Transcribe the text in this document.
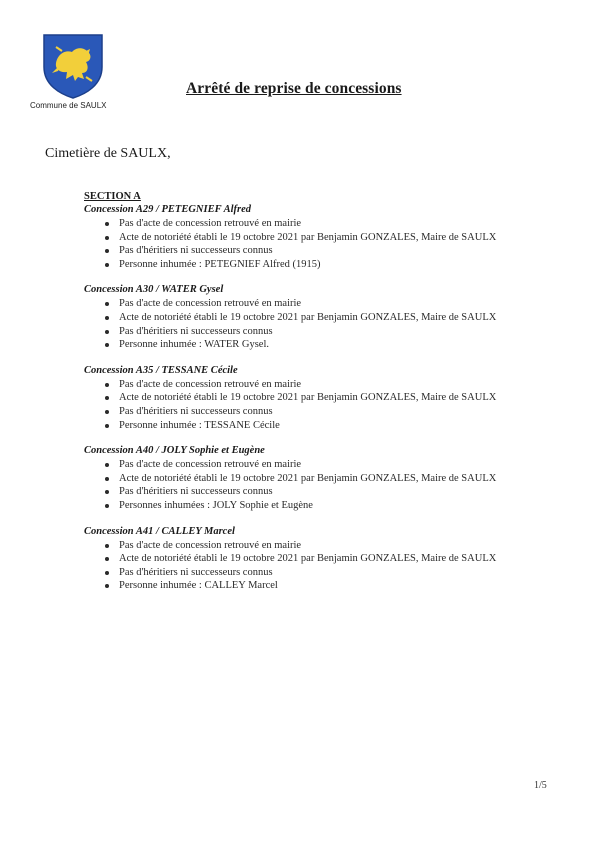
Commune de SAULX
Arrêté de reprise de concessions
Cimetière de SAULX,
SECTION A
Concession A29 / PETEGNIEF Alfred
Pas d'acte de concession retrouvé en mairie
Acte de notoriété établi le 19 octobre 2021 par Benjamin GONZALES, Maire de SAULX
Pas d'héritiers ni successeurs connus
Personne inhumée : PETEGNIEF Alfred (1915)
Concession A30 / WATER Gysel
Pas d'acte de concession retrouvé en mairie
Acte de notoriété établi le 19 octobre 2021 par Benjamin GONZALES, Maire de SAULX
Pas d'héritiers ni successeurs connus
Personne inhumée : WATER Gysel.
Concession A35 / TESSANE Cécile
Pas d'acte de concession retrouvé en mairie
Acte de notoriété établi le 19 octobre 2021 par Benjamin GONZALES, Maire de SAULX
Pas d'héritiers ni successeurs connus
Personne inhumée : TESSANE Cécile
Concession A40 / JOLY Sophie et Eugène
Pas d'acte de concession retrouvé en mairie
Acte de notoriété établi le 19 octobre 2021 par Benjamin GONZALES, Maire de SAULX
Pas d'héritiers ni successeurs connus
Personnes inhumées : JOLY Sophie et Eugène
Concession A41 / CALLEY Marcel
Pas d'acte de concession retrouvé en mairie
Acte de notoriété établi le 19 octobre 2021 par Benjamin GONZALES, Maire de SAULX
Pas d'héritiers ni successeurs connus
Personne inhumée : CALLEY Marcel
1/5
